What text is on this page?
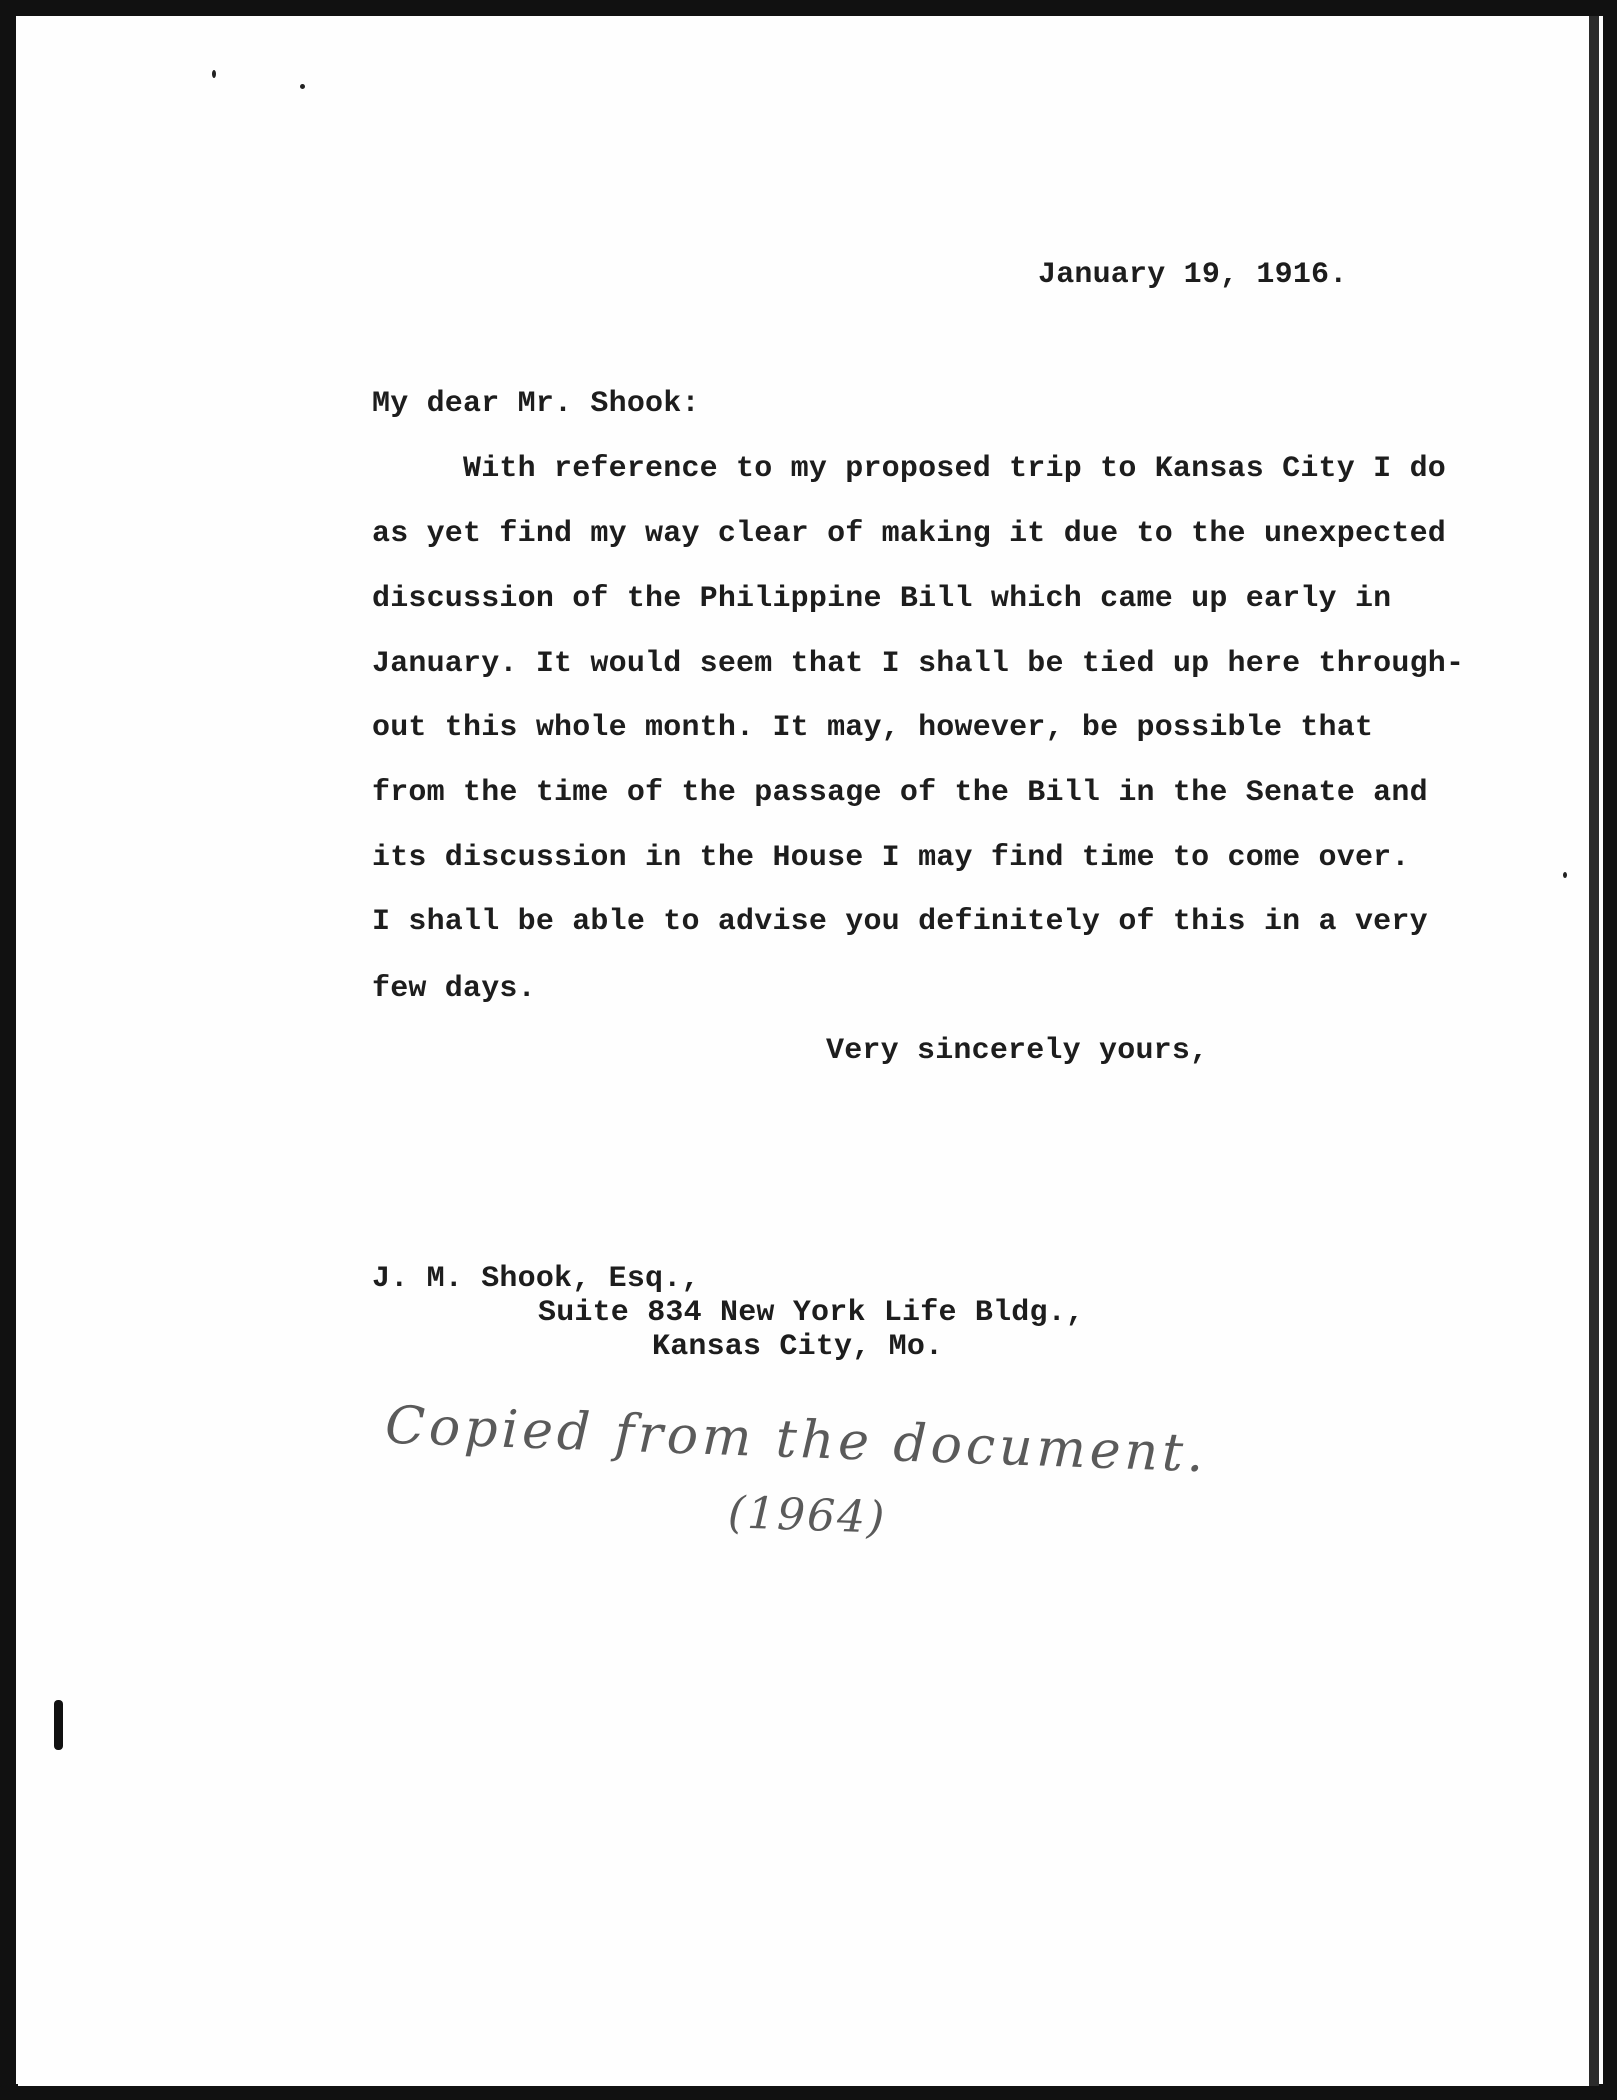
January 19, 1916.
My dear Mr. Shook:
With reference to my proposed trip to Kansas City I do
as yet find my way clear of making it due to the unexpected
discussion of the Philippine Bill which came up early in
January. It would seem that I shall be tied up here through-
out this whole month. It may, however, be possible that
from the time of the passage of the Bill in the Senate and
its discussion in the House I may find time to come over.
I shall be able to advise you definitely of this in a very
few days.
Very sincerely yours,
J. M. Shook, Esq.,
Suite 834 New York Life Bldg.,
Kansas City, Mo.
Copied from the document.
(1964)
